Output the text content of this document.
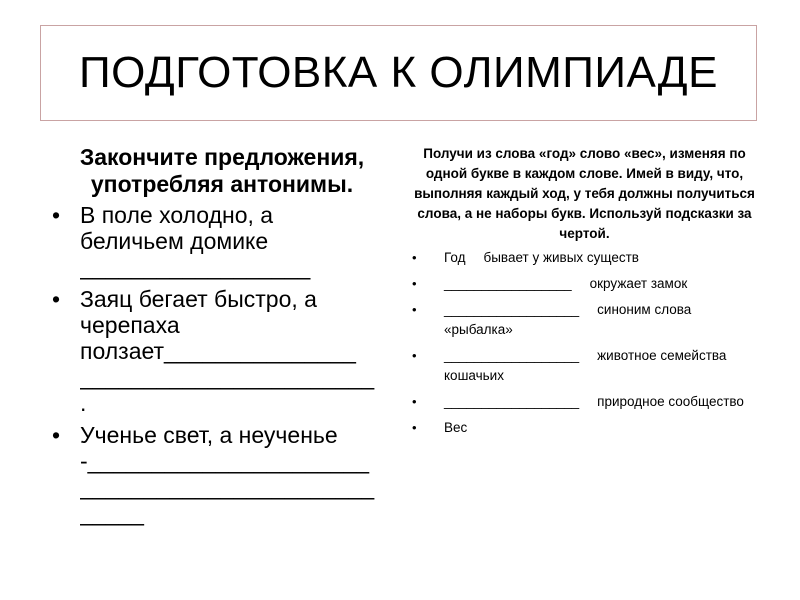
ПОДГОТОВКА К ОЛИМПИАДЕ

Закончите предложения, употребляя антонимы.

• В поле холодно, а
беличьем домике
__________________
• Заяц бегает быстро, а
черепаха
ползает_______________
_______________________
.
• Ученье свет, а неученье
-______________________
_______________________
_____

Получи из слова «год» слово «вес», изменяя по одной букве в каждом слове. Имей в виду, что, выполняя каждый ход, у тебя должны получиться слова, а не наборы букв. Используй подсказки за чертой.

• Год бывает у живых существ
• _________________ окружает замок
• __________________ синоним слова «рыбалка»
• __________________ животное семейства кошачьих
• __________________ природное сообщество
• Вес
